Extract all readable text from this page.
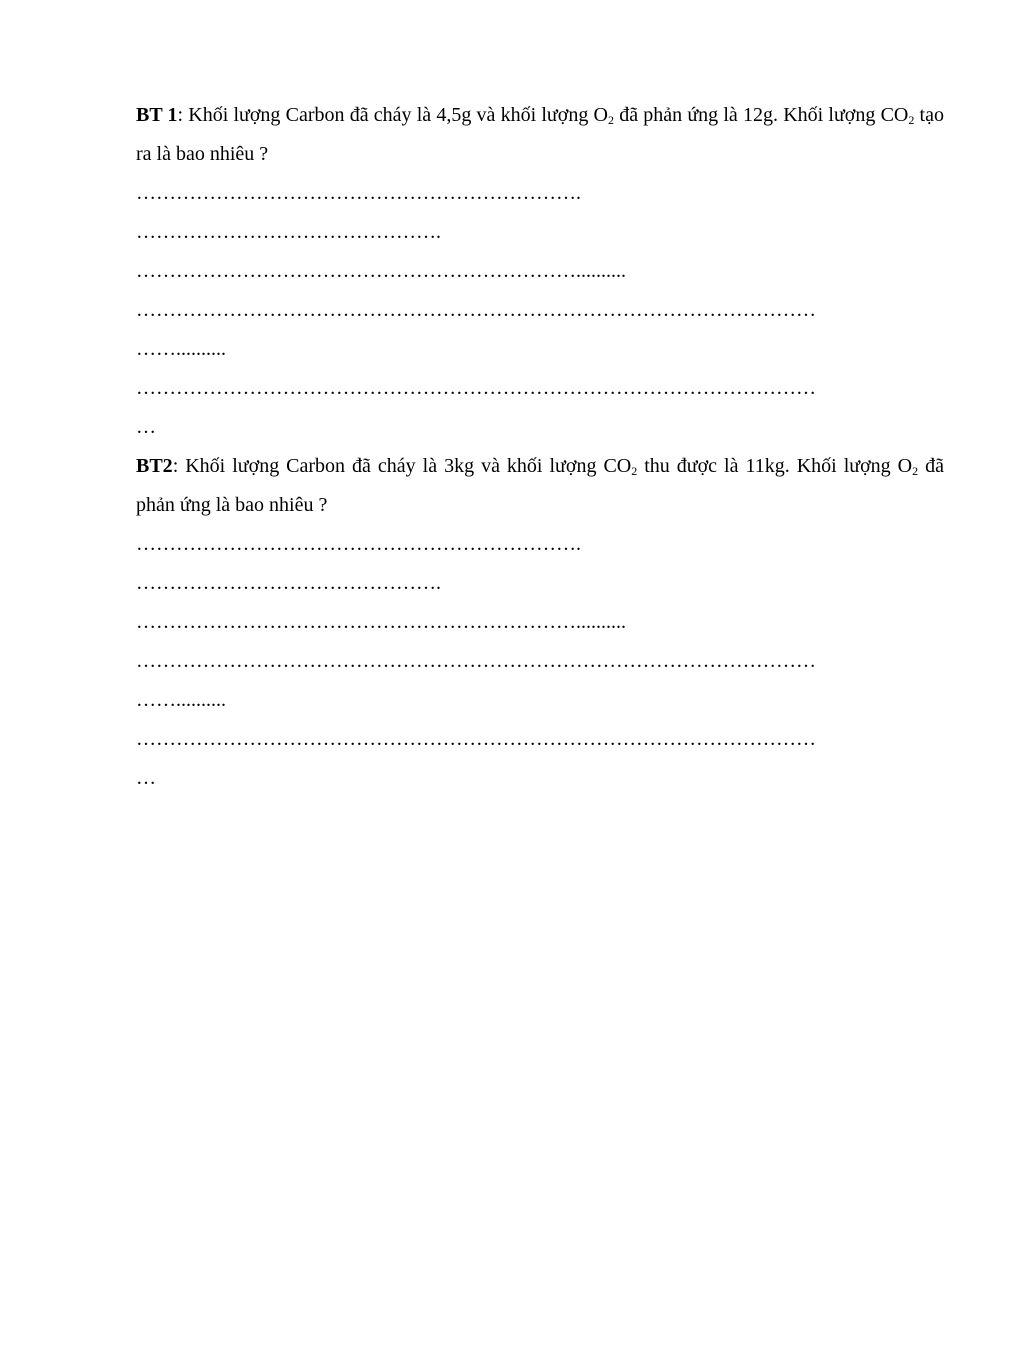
BT 1: Khối lượng Carbon đã cháy là 4,5g và khối lượng $O_2$ đã phản ứng là 12g. Khối lượng $CO_2$ tạo ra là bao nhiêu ?

………………………………………………………….
……………………………………….
…………………………………………………………..........
…………………………………………………………………………………………
……..........
…………………………………………………………………………………………
…

BT2: Khối lượng Carbon đã cháy là 3kg và khối lượng $CO_2$ thu được là 11kg. Khối lượng $O_2$ đã phản ứng là bao nhiêu ?

………………………………………………………….
……………………………………….
…………………………………………………………..........
…………………………………………………………………………………………
……..........
…………………………………………………………………………………………
…
